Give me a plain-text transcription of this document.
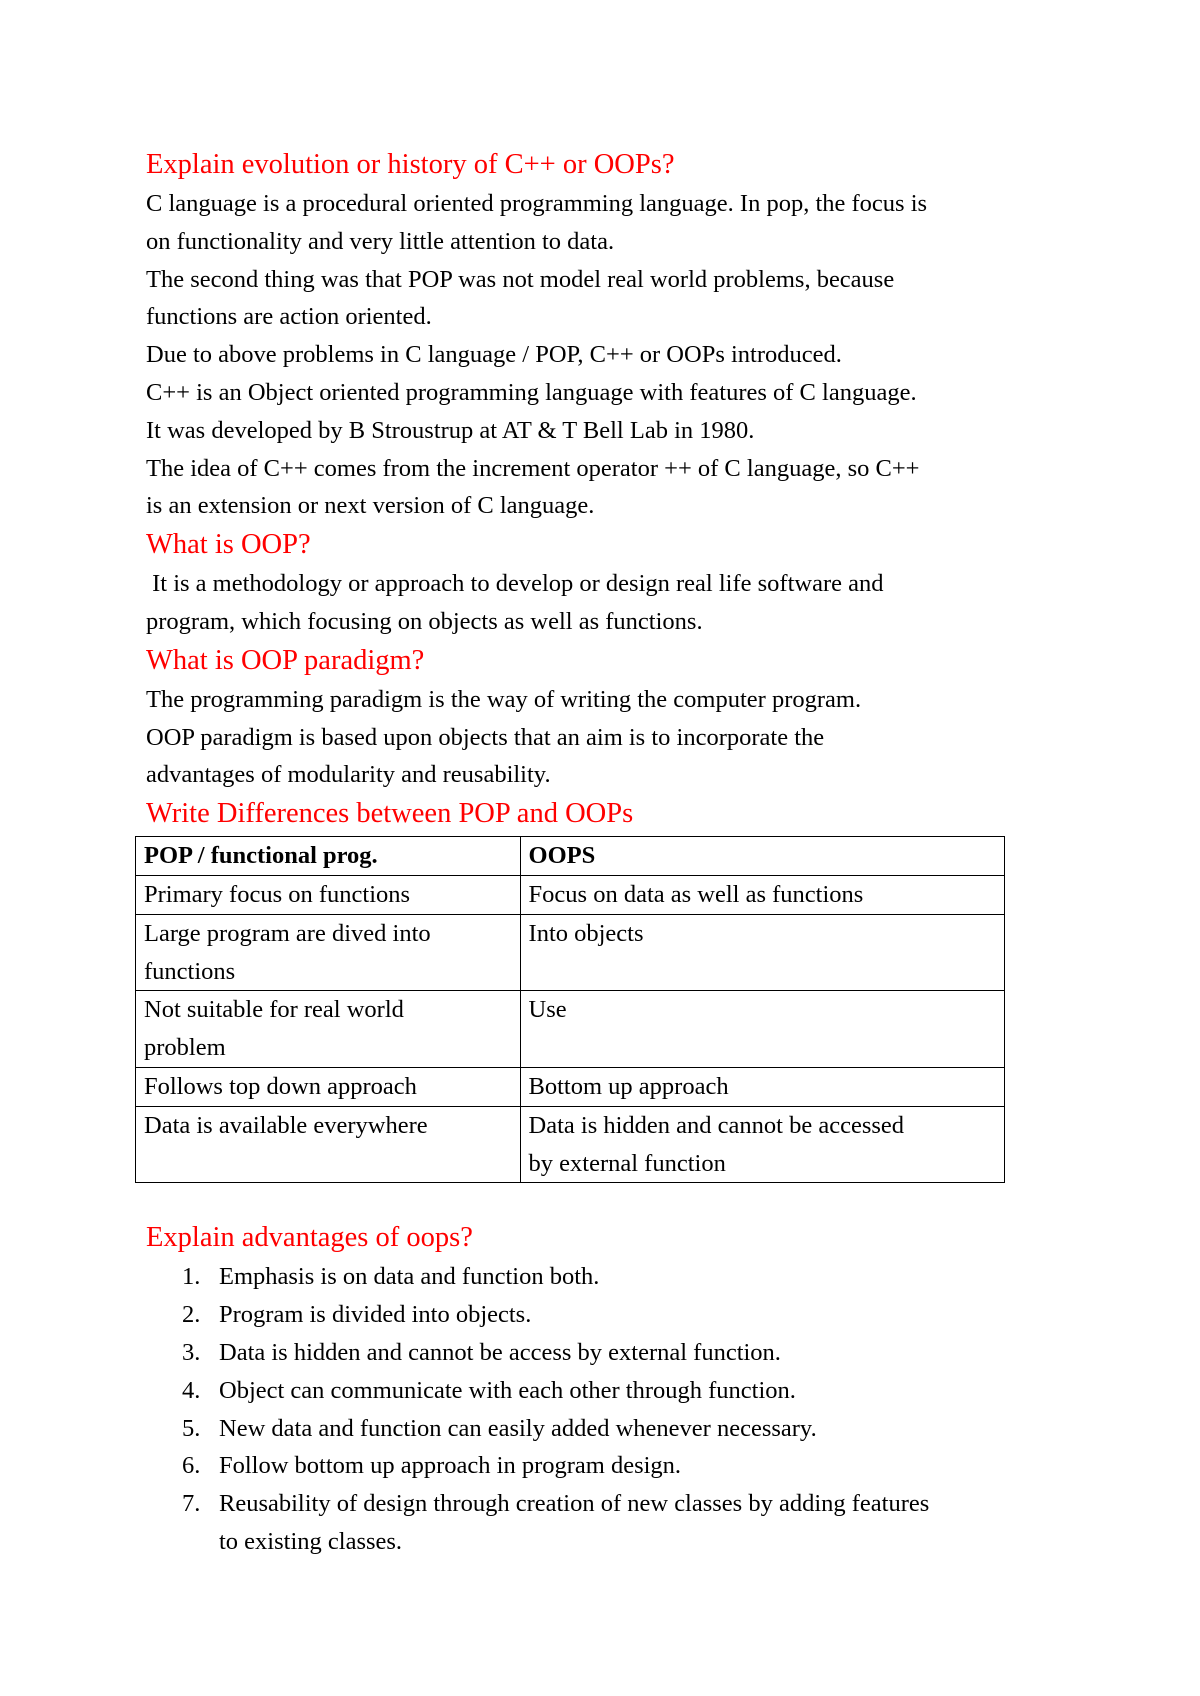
Explain evolution or history of C++ or OOPs?

C language is a procedural oriented programming language. In pop, the focus is
on functionality and very little attention to data.
The second thing was that POP was not model real world problems, because
functions are action oriented.
Due to above problems in C language / POP, C++ or OOPs introduced.
C++ is an Object oriented programming language with features of C language.
It was developed by B Stroustrup at AT & T Bell Lab in 1980.
The idea of C++ comes from the increment operator ++ of C language, so C++
is an extension or next version of C language.

What is OOP?

It is a methodology or approach to develop or design real life software and
program, which focusing on objects as well as functions.

What is OOP paradigm?

The programming paradigm is the way of writing the computer program.
OOP paradigm is based upon objects that an aim is to incorporate the
advantages of modularity and reusability.

Write Differences between POP and OOPs
POP / functional prog.	OOPS

Primary focus on functions	Focus on data as well as functions

Large program are dived into
functions	Into objects

Not suitable for real world
problem	Use

Follows top down approach	Bottom up approach

Data is available everywhere	Data is hidden and cannot be accessed
by external function
Explain advantages of oops?
1. Emphasis is on data and function both.
2. Program is divided into objects.
3. Data is hidden and cannot be access by external function.
4. Object can communicate with each other through function.
5. New data and function can easily added whenever necessary.
6. Follow bottom up approach in program design.
7. Reusability of design through creation of new classes by adding features
to existing classes.
